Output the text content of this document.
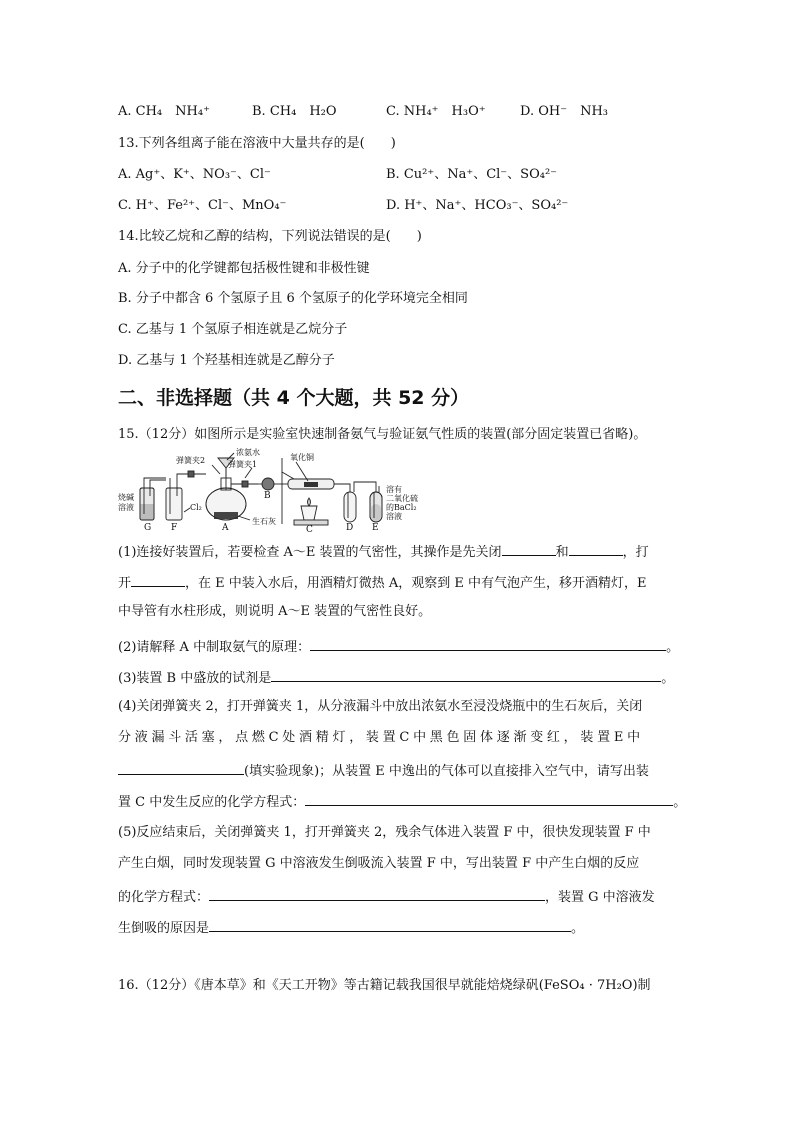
A. CH₄　NH₄⁺	B. CH₄　H₂O	C. NH₄⁺　H₃O⁺	D. OH⁻　NH₃
13.下列各组离子能在溶液中大量共存的是(　　)
A. Ag⁺、K⁺、NO₃⁻、Cl⁻	B. Cu²⁺、Na⁺、Cl⁻、SO₄²⁻
C. H⁺、Fe²⁺、Cl⁻、MnO₄⁻	D. H⁺、Na⁺、HCO₃⁻、SO₄²⁻
14.比较乙烷和乙醇的结构，下列说法错误的是(　　)
A. 分子中的化学键都包括极性键和非极性键
B. 分子中都含 6 个氢原子且 6 个氢原子的化学环境完全相同
C. 乙基与 1 个氢原子相连就是乙烷分子
D. 乙基与 1 个羟基相连就是乙醇分子
二、非选择题（共 4 个大题，共 52 分）
15.（12分）如图所示是实验室快速制备氨气与验证氨气性质的装置(部分固定装置已省略)。
浓氨水
弹簧夹2	弹簧夹1
氧化铜
烧碱
溶液	Cl₂
生石灰
溶有
二氧化硫
的BaCl₂
溶液
G F	A
B
C	D E
(1)连接好装置后，若要检查 A～E 装置的气密性，其操作是先关闭	和	，打
开	，在 E 中装入水后，用酒精灯微热 A，观察到 E 中有气泡产生，移开酒精灯，E
中导管有水柱形成，则说明 A～E 装置的气密性良好。
(2)请解释 A 中制取氨气的原理：	。
(3)装置 B 中盛放的试剂是	。
(4)关闭弹簧夹 2，打开弹簧夹 1，从分液漏斗中放出浓氨水至浸没烧瓶中的生石灰后，关闭
分 液 漏 斗 活 塞 ， 点 燃 C 处 酒 精 灯 ， 装 置 C 中 黑 色 固 体 逐 渐 变 红 ， 装 置 E 中
(填实验现象)；从装置 E 中逸出的气体可以直接排入空气中，请写出装
置 C 中发生反应的化学方程式：	。
(5)反应结束后，关闭弹簧夹 1，打开弹簧夹 2，残余气体进入装置 F 中，很快发现装置 F 中
产生白烟，同时发现装置 G 中溶液发生倒吸流入装置 F 中，写出装置 F 中产生白烟的反应
的化学方程式：	，装置 G 中溶液发
生倒吸的原因是	。
16.（12分）《唐本草》和《天工开物》等古籍记载我国很早就能焙烧绿矾(FeSO₄ · 7H₂O)制
